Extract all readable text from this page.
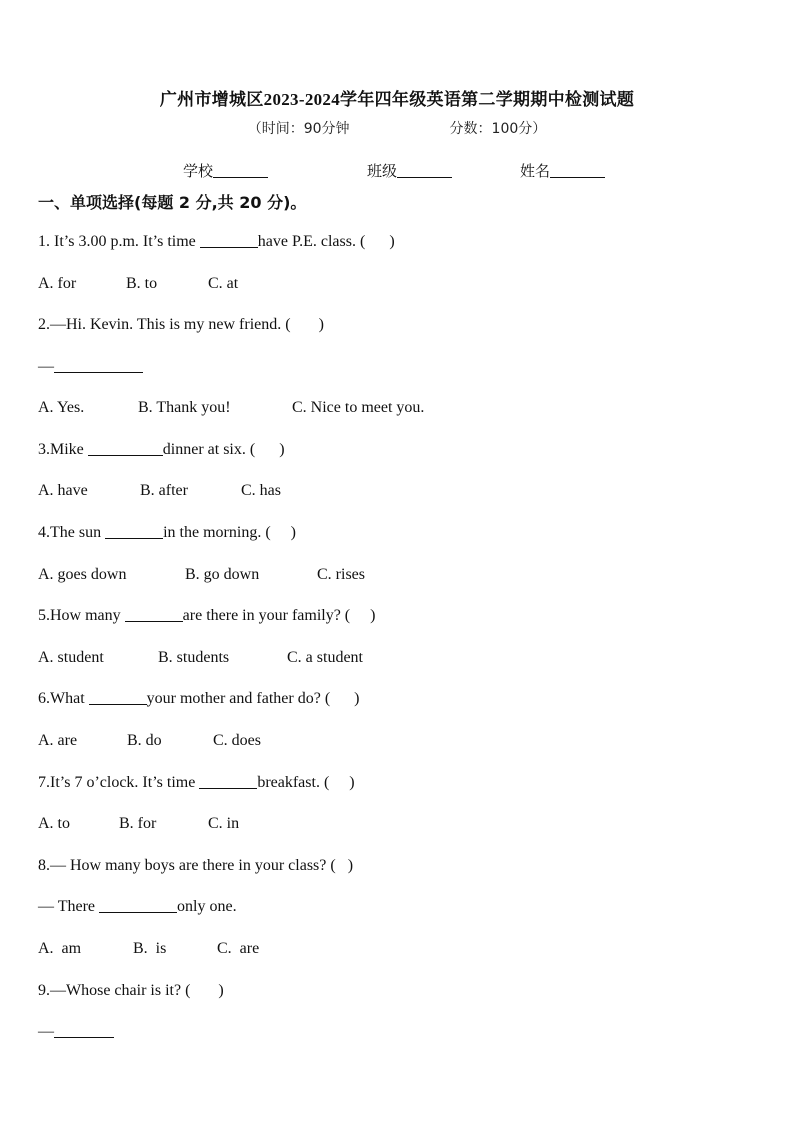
广州市增城区2023-2024学年四年级英语第二学期期中检测试题
（时间：90分钟	分数：100分）
学校	班级	姓名
一、单项选择(每题 2 分,共 20 分)。
1. It’s 3.00 p.m. It’s time	have P.E. class. (      )
A. for	B. to	C. at
2.—Hi. Kevin. This is my new friend. (       )
—
A. Yes.	B. Thank you!	C. Nice to meet you.
3.Mike	dinner at six. (      )
A. have	B. after	C. has
4.The sun	in the morning. (     )
A. goes down	B. go down	C. rises
5.How many	are there in your family? (     )
A. student	B. students	C. a student
6.What	your mother and father do? (      )
A. are	B. do	C. does
7.It’s 7 o’clock. It’s time	breakfast. (     )
A. to	B. for	C. in
8.— How many boys are there in your class? (   )
— There	only one.
A.  am	B.  is	C.  are
9.—Whose chair is it? (       )
—
